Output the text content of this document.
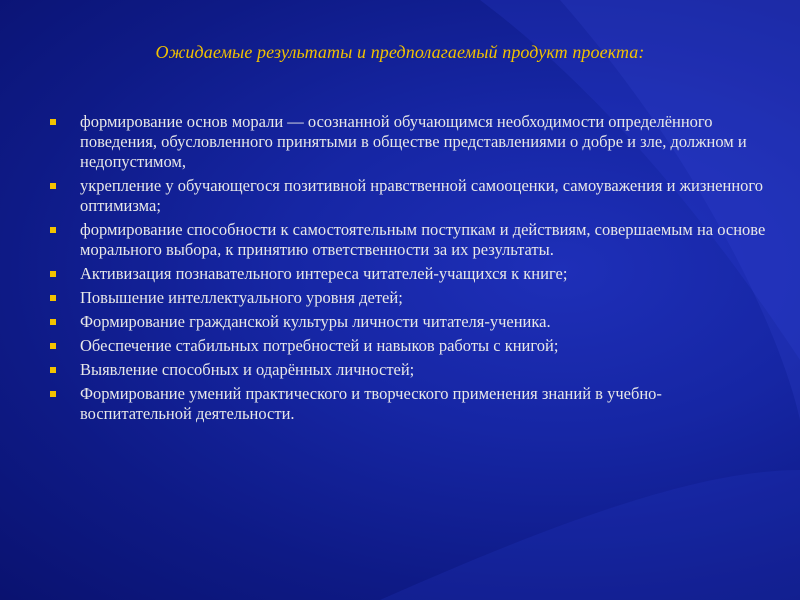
Ожидаемые результаты и предполагаемый продукт проекта:
формирование основ морали — осознанной обучающимся необходимости определённого поведения, обусловленного принятыми в обществе представлениями о добре и зле, должном и недопустимом,
укрепление у обучающегося позитивной нравственной самооценки, самоуважения и жизненного оптимизма;
формирование способности к самостоятельным поступкам и действиям, совершаемым на основе морального выбора, к принятию ответственности за их результаты.
Активизация познавательного интереса читателей-учащихся к книге;
Повышение интеллектуального уровня детей;
Формирование гражданской культуры личности читателя-ученика.
Обеспечение стабильных потребностей и навыков работы с книгой;
Выявление способных и одарённых личностей;
Формирование умений практического и творческого применения знаний в учебно-воспитательной деятельности.
